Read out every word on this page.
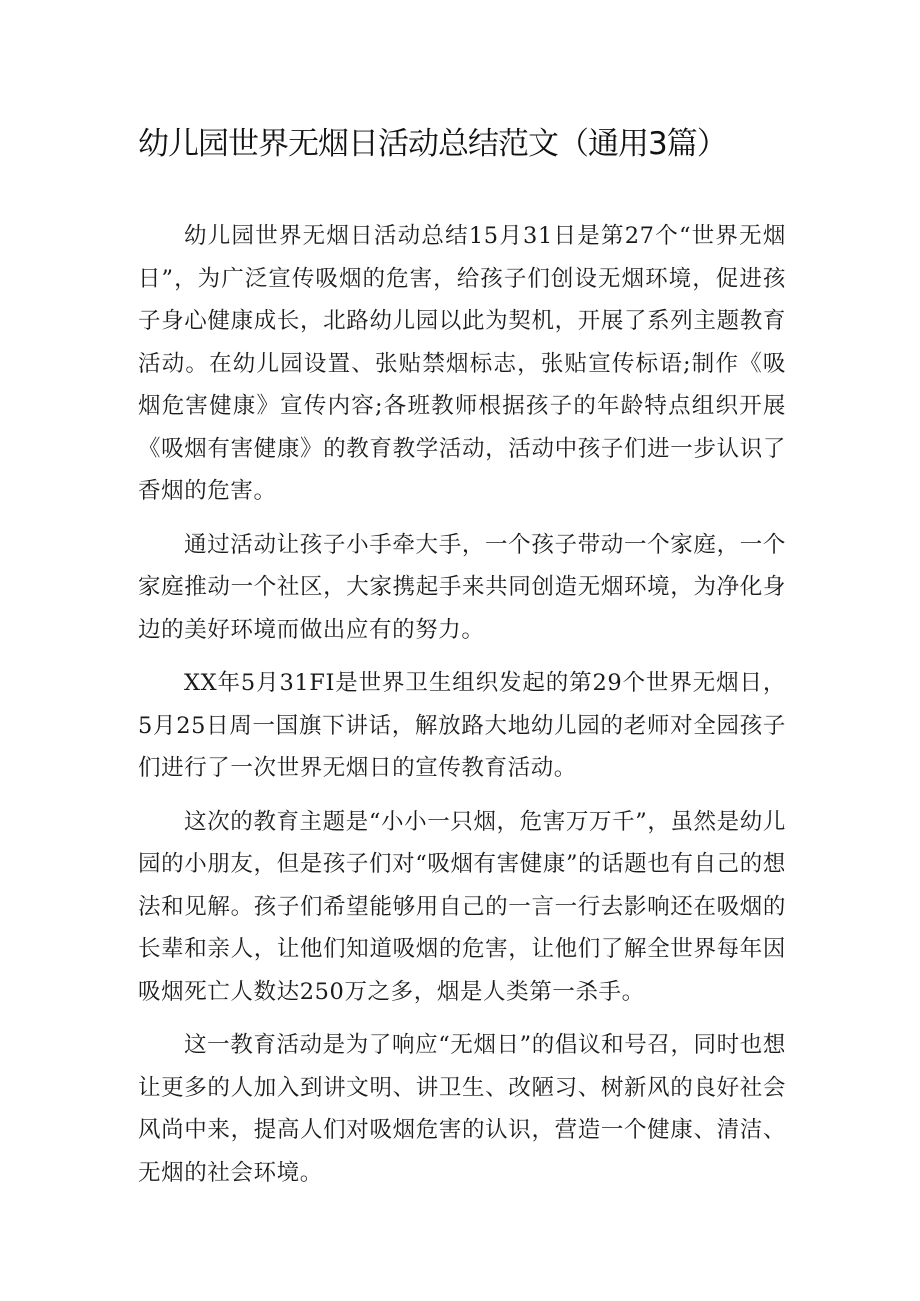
幼儿园世界无烟日活动总结范文（通用3篇）

幼儿园世界无烟日活动总结15月31日是第27个“世界无烟日”，为广泛宣传吸烟的危害，给孩子们创设无烟环境，促进孩子身心健康成长，北路幼儿园以此为契机，开展了系列主题教育活动。在幼儿园设置、张贴禁烟标志，张贴宣传标语;制作《吸烟危害健康》宣传内容;各班教师根据孩子的年龄特点组织开展《吸烟有害健康》的教育教学活动，活动中孩子们进一步认识了香烟的危害。

通过活动让孩子小手牵大手，一个孩子带动一个家庭，一个家庭推动一个社区，大家携起手来共同创造无烟环境，为净化身边的美好环境而做出应有的努力。

XX年5月31FI是世界卫生组织发起的第29个世界无烟日，5月25日周一国旗下讲话，解放路大地幼儿园的老师对全园孩子们进行了一次世界无烟日的宣传教育活动。

这次的教育主题是“小小一只烟，危害万万千”，虽然是幼儿园的小朋友，但是孩子们对“吸烟有害健康”的话题也有自己的想法和见解。孩子们希望能够用自己的一言一行去影响还在吸烟的长辈和亲人，让他们知道吸烟的危害，让他们了解全世界每年因吸烟死亡人数达250万之多，烟是人类第一杀手。

这一教育活动是为了响应“无烟日”的倡议和号召，同时也想让更多的人加入到讲文明、讲卫生、改陋习、树新风的良好社会风尚中来，提高人们对吸烟危害的认识，营造一个健康、清洁、无烟的社会环境。
